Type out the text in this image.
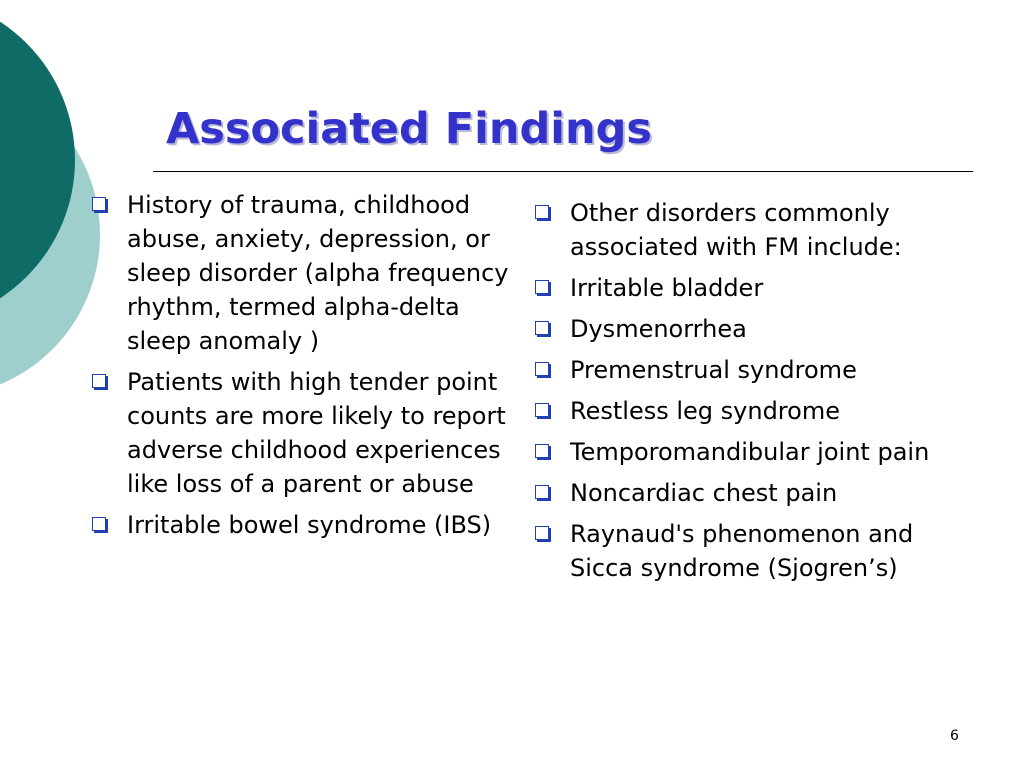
Associated Findings
History of trauma, childhood abuse, anxiety, depression, or sleep disorder (alpha frequency rhythm, termed alpha-delta sleep anomaly )
Patients with high tender point counts are more likely to report adverse childhood experiences like loss of a parent or abuse
Irritable bowel syndrome (IBS)
Other disorders commonly associated with FM include:
Irritable bladder
Dysmenorrhea
Premenstrual syndrome
Restless leg syndrome
Temporomandibular joint pain
Noncardiac chest pain
Raynaud's phenomenon and Sicca syndrome (Sjogren’s)
6
